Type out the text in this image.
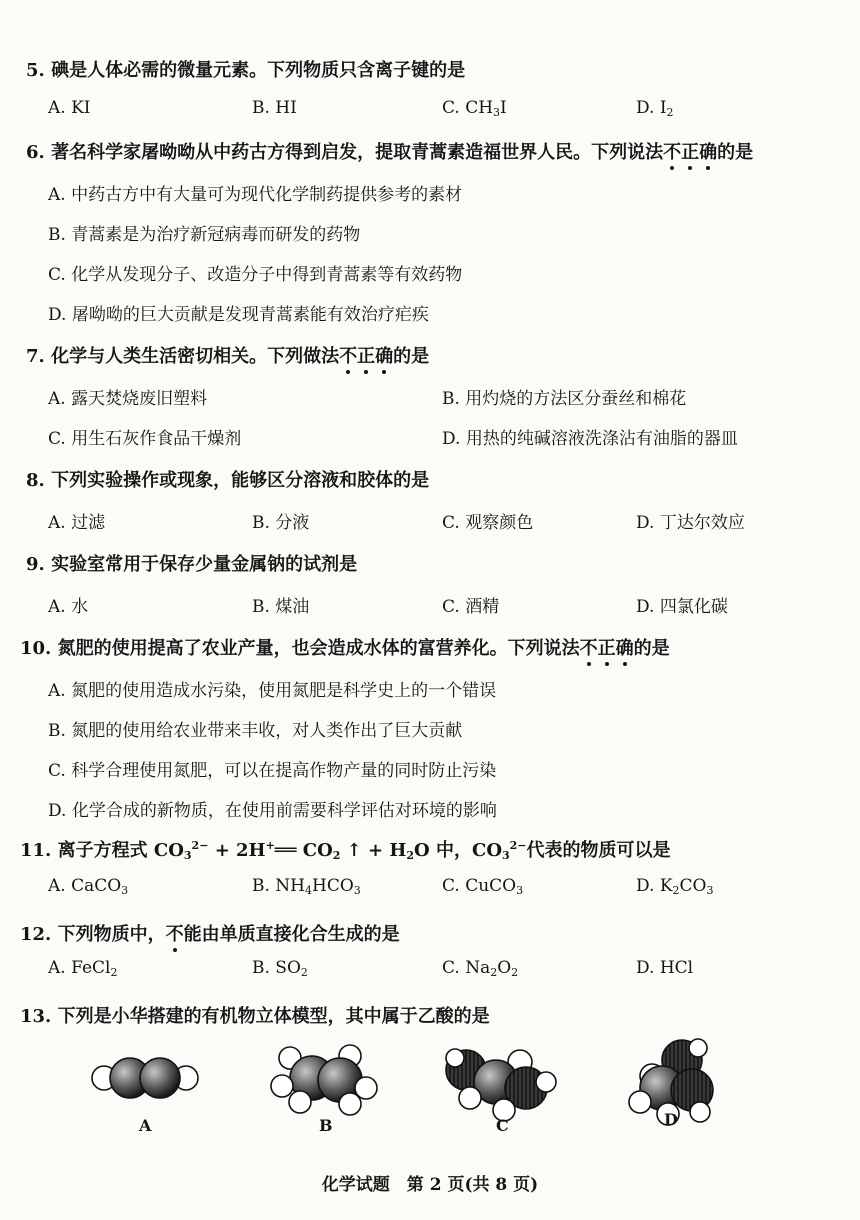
5. 碘是人体必需的微量元素。下列物质只含离子键的是
A. KI	B. HI	C. $CH_3I$	D. $I_2$
6. 著名科学家屠呦呦从中药古方得到启发，提取青蒿素造福世界人民。下列说法不正确的是
A. 中药古方中有大量可为现代化学制药提供参考的素材
B. 青蒿素是为治疗新冠病毒而研发的药物
C. 化学从发现分子、改造分子中得到青蒿素等有效药物
D. 屠呦呦的巨大贡献是发现青蒿素能有效治疗疟疾
7. 化学与人类生活密切相关。下列做法不正确的是
A. 露天焚烧废旧塑料	B. 用灼烧的方法区分蚕丝和棉花
C. 用生石灰作食品干燥剂	D. 用热的纯碱溶液洗涤沾有油脂的器皿
8. 下列实验操作或现象，能够区分溶液和胶体的是
A. 过滤	B. 分液	C. 观察颜色	D. 丁达尔效应
9. 实验室常用于保存少量金属钠的试剂是
A. 水	B. 煤油	C. 酒精	D. 四氯化碳
10. 氮肥的使用提高了农业产量，也会造成水体的富营养化。下列说法不正确的是
A. 氮肥的使用造成水污染，使用氮肥是科学史上的一个错误
B. 氮肥的使用给农业带来丰收，对人类作出了巨大贡献
C. 科学合理使用氮肥，可以在提高作物产量的同时防止污染
D. 化学合成的新物质，在使用前需要科学评估对环境的影响
11. 离子方程式 $CO_3^{2-}$ + 2H+══ $CO_2$ ↑ + $H_2O$ 中，$CO_3^{2-}$代表的物质可以是
A. CaCO$_3$	B. $NH_4HCO_3$	C. CuCO$_3$	D. $K_2CO_3$
12. 下列物质中，不能由单质直接化合生成的是
A. FeCl$_2$	B. $SO_2$	C. $Na_2O_2$	D. HCl
13. 下列是小华搭建的有机物立体模型，其中属于乙酸的是
A	B	C	D
化学试题　第 2 页(共 8 页)
